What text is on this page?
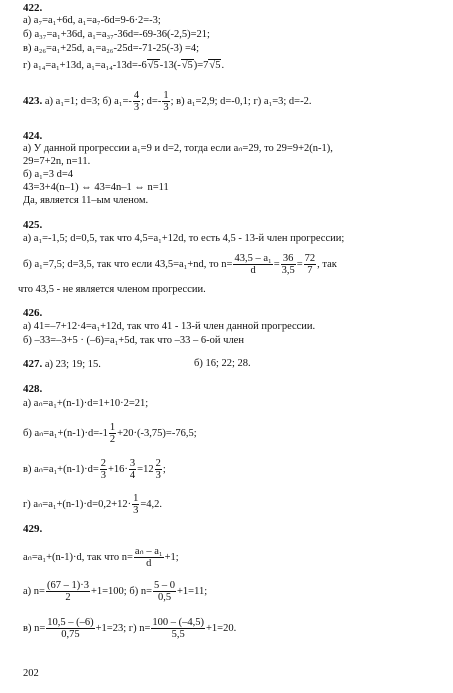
422.
а) a₇=a₁+6d, a₁=a₇-6d=9-6·2=-3;
б) a₃₇=a₁+36d, a₁=a₃₇-36d=-69-36(-2,5)=21;
в) a₂₆=a₁+25d, a₁=a₂₆-25d=-71-25(-3) =4;
г) a₁₄=a₁+13d, a₁=a₁₄-13d=-6√5-13(-√5)=7√5.
423. а) a₁=1; d=3; б) $a_1=- \frac{4}{3}$ ; $d=- \frac{1}{3}$ ; в) a₁=2,9; d=-0,1; г) a₁=3; d=-2.
424.
а) У данной прогрессии a₁=9 и d=2, тогда если aₙ=29, то 29=9+2(n-1),
29=7+2n, n=11.
б) a₁=3 d=4
43=3+4(n–1) ⇔ 43=4n–1 ⇔ n=11
Да, является 11–ым членом.
425.
а) a₁=-1,5; d=0,5, так что 4,5=a₁+12d, то есть 4,5 - 13-й член прогрессии;
б) a₁=7,5; d=3,5, так что если 43,5=a₁+nd, то $n= \frac{\text{43,5 – a₁}}{d} = \frac{36}{3,5} = \frac{72}{7}$ , так
что 43,5 - не является членом прогрессии.
426.
а) 41=–7+12·4=a₁+12d, так что 41 - 13-й член данной прогрессии.
б) –33=–3+5 · (–6)=a₁+5d, так что –33 – 6-ой член
427. а) 23; 19; 15.	б) 16; 22; 28.
428.
а) aₙ=a₁+(n-1)·d=1+10·2=21;
б) $a_n=a_1+(n-1)\cdot d=-1 \frac{1}{2} +20\cdot(-3,75)=-76,5$;
в) $a_n=a_1+(n-1)\cdot d= \frac{2}{3} +16\cdot \frac{3}{4} =12 \frac{2}{3}$ ;
г) $a_n=a_1+(n-1)\cdot d=0,2+12\cdot \frac{1}{3} =4,2$.
429.
aₙ=a₁+(n-1)·d, так что $n= \frac{\text{aₙ – a₁}}{d} +1$;
а) $n= \frac{(67 - 1)\cdot 3}{2} +1=100$; б) $n= \frac{5 - 0}{0,5} +1=11$;
в) $n= \frac{10,5 - (-6)}{0,75} +1=23$; г) $n= \frac{100 - (-4,5)}{5,5} +1=20$.
202
